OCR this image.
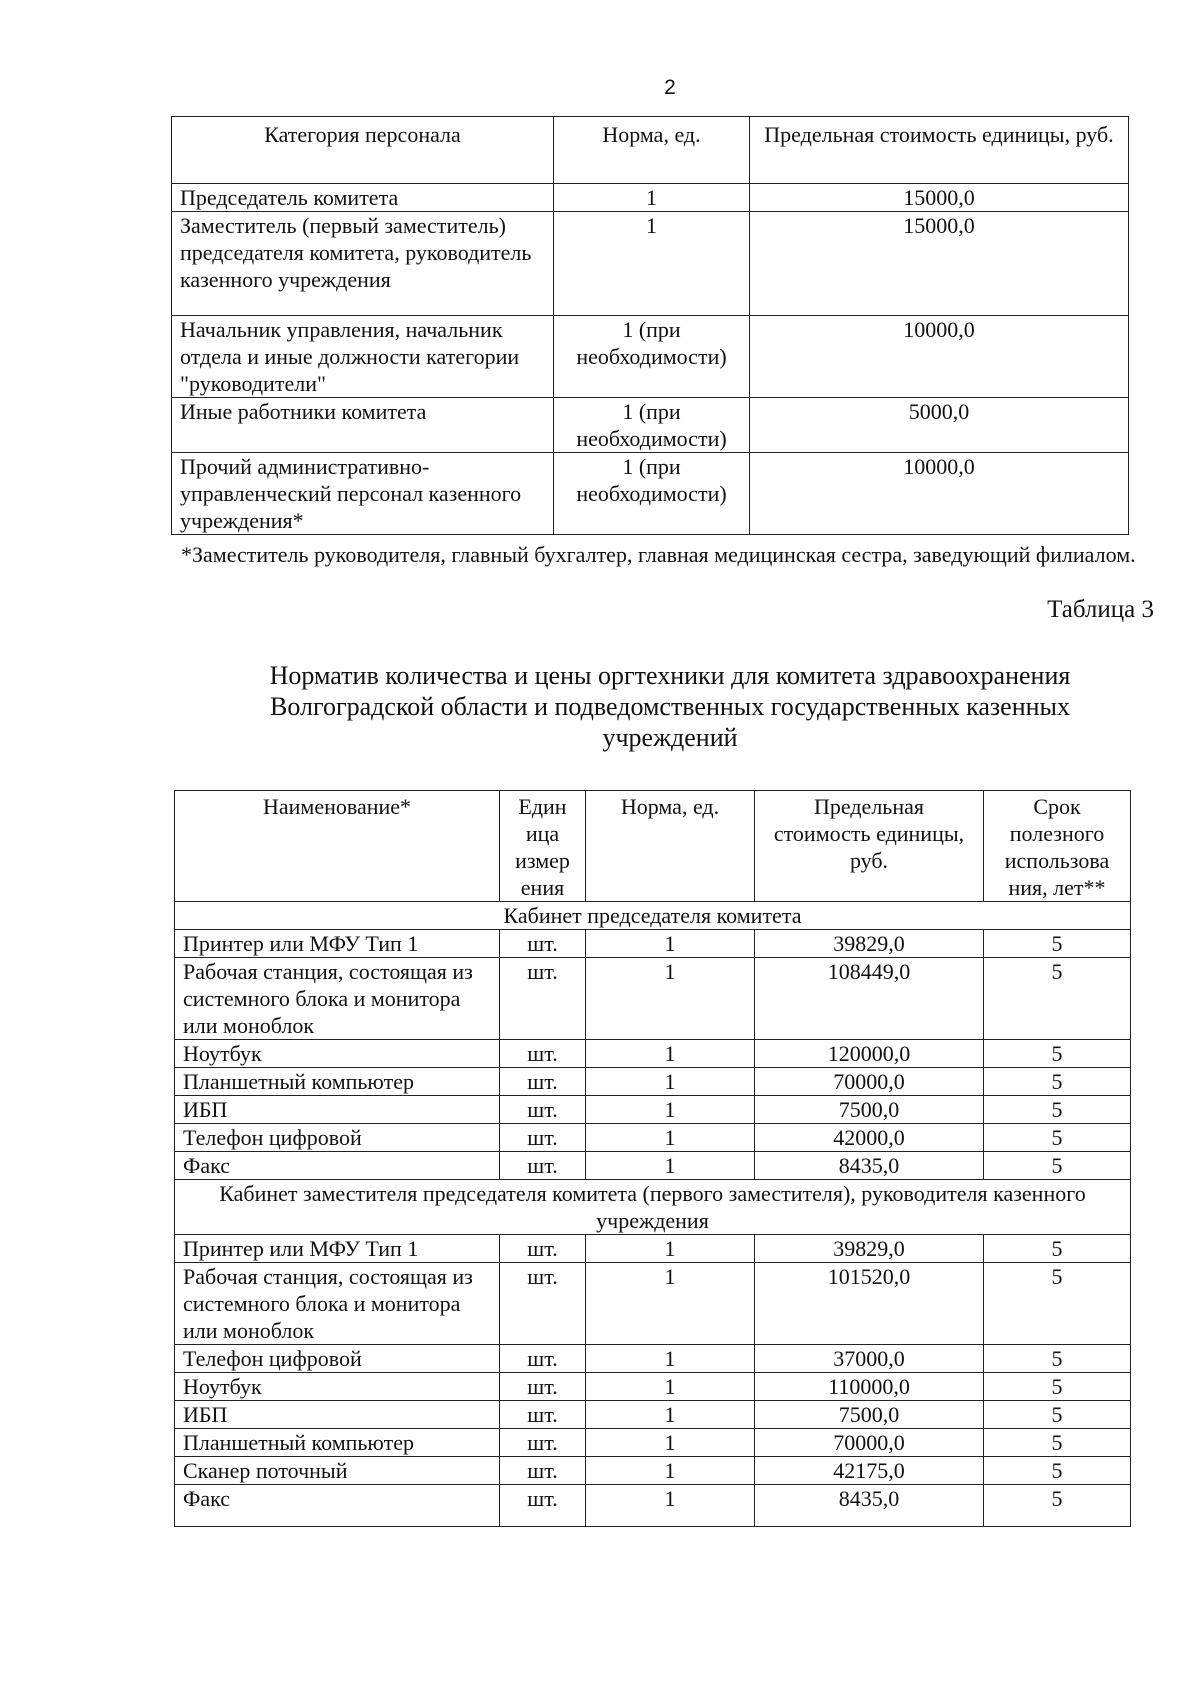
2
Категория персонала	Норма, ед.	Предельная стоимость единицы, руб.
Председатель комитета	1	15000,0
Заместитель (первый заместитель) председателя комитета, руководитель казенного учреждения	1	15000,0
Начальник управления, начальник отдела и иные должности категории "руководители"	1 (при необходимости)	10000,0
Иные работники комитета	1 (при необходимости)	5000,0
Прочий административно-управленческий персонал казенного учреждения*	1 (при необходимости)	10000,0
*Заместитель руководителя, главный бухгалтер, главная медицинская сестра, заведующий филиалом.
Таблица 3
Норматив количества и цены оргтехники для комитета здравоохранения Волгоградской области и подведомственных государственных казенных учреждений
Наименование*	Един ица измер ения	Норма, ед.	Предельная стоимость единицы, руб.	Срок полезного использова ния, лет**
Кабинет председателя комитета				
Принтер или МФУ Тип 1	шт.	1	39829,0	5
Рабочая станция, состоящая из системного блока и монитора или моноблок	шт.	1	108449,0	5
Ноутбук	шт.	1	120000,0	5
Планшетный компьютер	шт.	1	70000,0	5
ИБП	шт.	1	7500,0	5
Телефон цифровой	шт.	1	42000,0	5
Факс	шт.	1	8435,0	5
Кабинет заместителя председателя комитета (первого заместителя), руководителя казенного учреждения				
Принтер или МФУ Тип 1	шт.	1	39829,0	5
Рабочая станция, состоящая из системного блока и монитора или моноблок	шт.	1	101520,0	5
Телефон цифровой	шт.	1	37000,0	5
Ноутбук	шт.	1	110000,0	5
ИБП	шт.	1	7500,0	5
Планшетный компьютер	шт.	1	70000,0	5
Сканер поточный	шт.	1	42175,0	5
Факс	шт.	1	8435,0	5
